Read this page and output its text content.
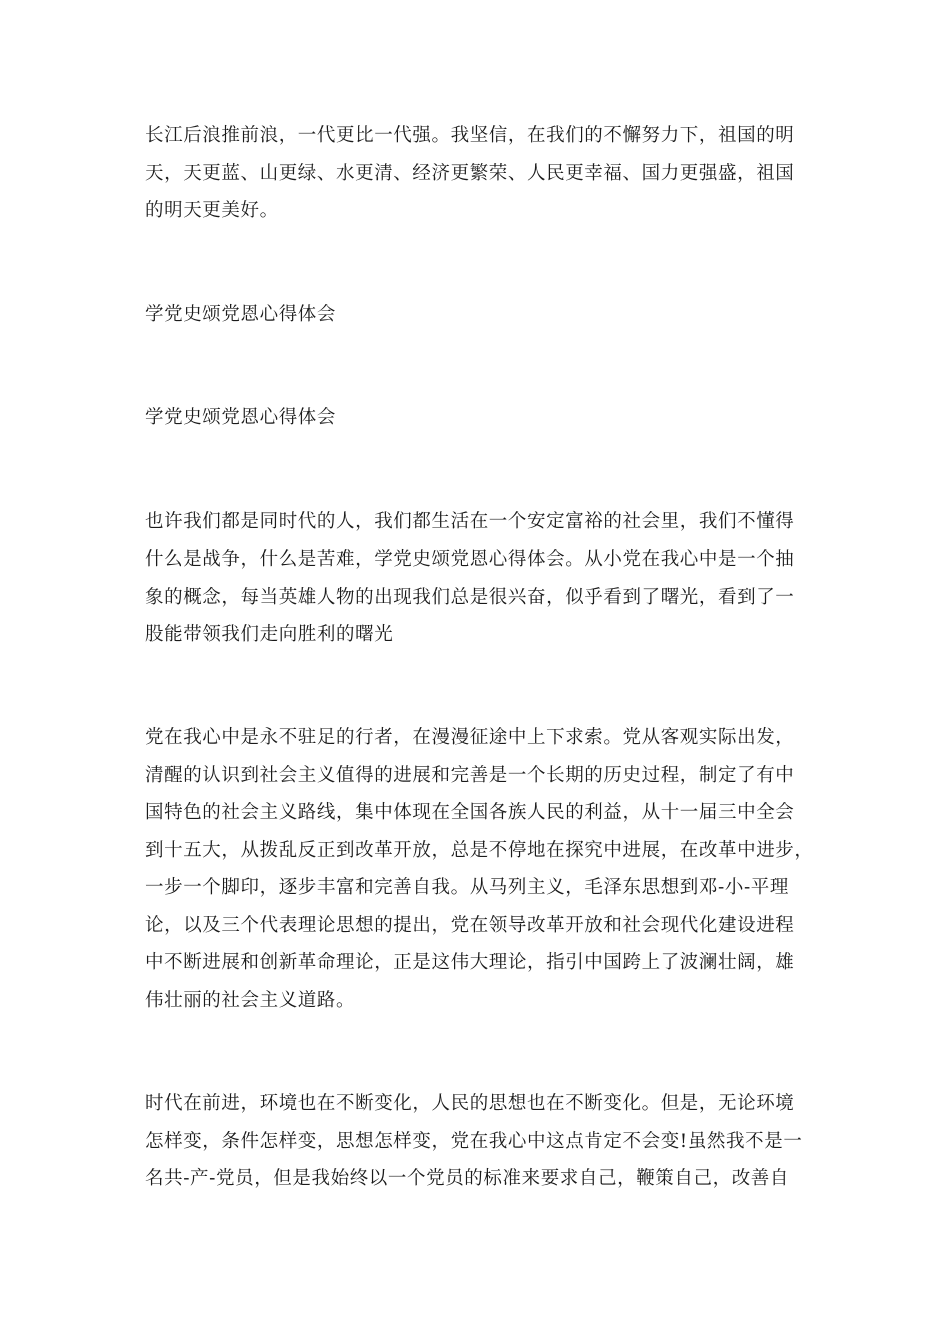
长江后浪推前浪，一代更比一代强。我坚信，在我们的不懈努力下，祖国的明
天，天更蓝、山更绿、水更清、经济更繁荣、人民更幸福、国力更强盛，祖国
的明天更美好。
学党史颂党恩心得体会
学党史颂党恩心得体会
也许我们都是同时代的人，我们都生活在一个安定富裕的社会里，我们不懂得
什么是战争，什么是苦难，学党史颂党恩心得体会。从小党在我心中是一个抽
象的概念，每当英雄人物的出现我们总是很兴奋，似乎看到了曙光，看到了一
股能带领我们走向胜利的曙光
党在我心中是永不驻足的行者，在漫漫征途中上下求索。党从客观实际出发，
清醒的认识到社会主义值得的进展和完善是一个长期的历史过程，制定了有中
国特色的社会主义路线，集中体现在全国各族人民的利益，从十一届三中全会
到十五大，从拨乱反正到改革开放，总是不停地在探究中进展，在改革中进步，
一步一个脚印，逐步丰富和完善自我。从马列主义，毛泽东思想到邓-小-平理
论，以及三个代表理论思想的提出，党在领导改革开放和社会现代化建设进程
中不断进展和创新革命理论，正是这伟大理论，指引中国跨上了波澜壮阔，雄
伟壮丽的社会主义道路。
时代在前进，环境也在不断变化，人民的思想也在不断变化。但是，无论环境
怎样变，条件怎样变，思想怎样变，党在我心中这点肯定不会变!虽然我不是一
名共-产-党员，但是我始终以一个党员的标准来要求自己，鞭策自己，改善自
